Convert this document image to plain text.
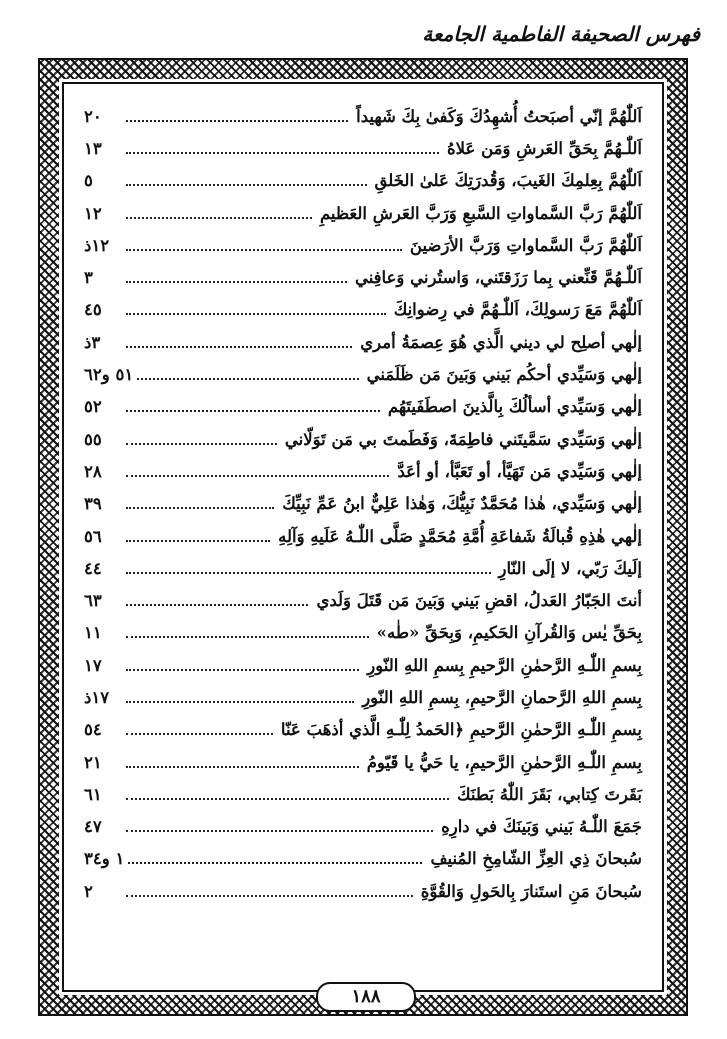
فهرس الصحيفة الفاطمية الجامعة
اَللّٰهُمَّ إنّي أصبَحتُ أُشهِدُكَ وَكَفىٰ بِكَ شَهيداً
٢٠
اَللّٰـهُمَّ بِحَقِّ العَرشِ وَمَن عَلاهُ
١٣
اَللّٰهُمَّ بِعِلمِكَ الغَيبَ، وَقُدرَتِكَ عَلىٰ الخَلقِ
٥
اَللّٰهُمَّ رَبَّ السَّماواتِ السَّبعِ وَرَبَّ العَرشِ العَظيمِ
١٢
اَللّٰهُمَّ رَبَّ السَّماواتِ وَرَبَّ الأرَضينَ
١٢ذ
اَللّٰـهُمَّ قَنِّعني بِما رَزَقتَني، وَاستُرني وَعافِني
٣
اَللّٰهُمَّ مَعَ رَسولِكَ، اَللّٰـهُمَّ في رِضوانِكَ
٤٥
إلٰهي أصلِح لي ديني الَّذي هُوَ عِصمَةُ أمري
٣ذ
إلٰهي وَسَيِّدي أحكُم بَيني وَبَينَ مَن ظَلَمَني
٥١ و٦٢
إلٰهي وَسَيِّدي أسألُكَ بِالَّذينَ اصطَفَيتَهُم
٥٢
إلٰهي وَسَيِّدي سَمَّيتَني فاطِمَةَ، وَفَطَمتَ بي مَن تَوَلّاني
٥٥
إلٰهي وَسَيِّدي مَن تَهَيَّأ، أو تَعَبَّأ، أو أعَدَّ
٢٨
إلٰهي وَسَيِّدي، هٰذا مُحَمَّدٌ نَبِيُّكَ، وَهٰذا عَلِيٌّ ابنُ عَمِّ نَبِيِّكَ
٣٩
إلٰهي هٰذِهِ قُبالَةُ شَفاعَةِ أُمَّةِ مُحَمَّدٍ صَلَّى اللّٰـهُ عَلَيهِ وَآلِهِ
٥٦
إلَيكَ رَبّي، لا إلَى النّارِ
٤٤
أنتَ الجَبّارُ العَدلُ، اقضِ بَيني وَبَينَ مَن قَتَلَ وَلَدي
٦٣
بِحَقِّ يٰس وَالقُرآنِ الحَكيمِ، وَبِحَقِّ «طٰه»
١١
بِسمِ اللّٰـهِ الرَّحمٰنِ الرَّحيمِ بِسمِ اللهِ النّورِ
١٧
بِسمِ اللهِ الرَّحمانِ الرَّحيمِ، بِسمِ اللهِ النّورِ
١٧ذ
بِسمِ اللّٰـهِ الرَّحمٰنِ الرَّحيمِ ﴿الحَمدُ لِلّٰـهِ الَّذي أذهَبَ عَنّا
٥٤
بِسمِ اللّٰـهِ الرَّحمٰنِ الرَّحيمِ، يا حَيُّ يا قَيّومُ
٢١
بَقَرتَ كِتابي، بَقَرَ اللّٰهُ بَطنَكَ
٦١
جَمَعَ اللّٰـهُ بَيني وَبَينَكَ في دارِهِ
٤٧
سُبحانَ ذِي العِزِّ الشّامِخِ المُنيفِ
١ و٣٤
سُبحانَ مَنِ استَنارَ بِالحَولِ وَالقُوَّةِ
٢
١٨٨
